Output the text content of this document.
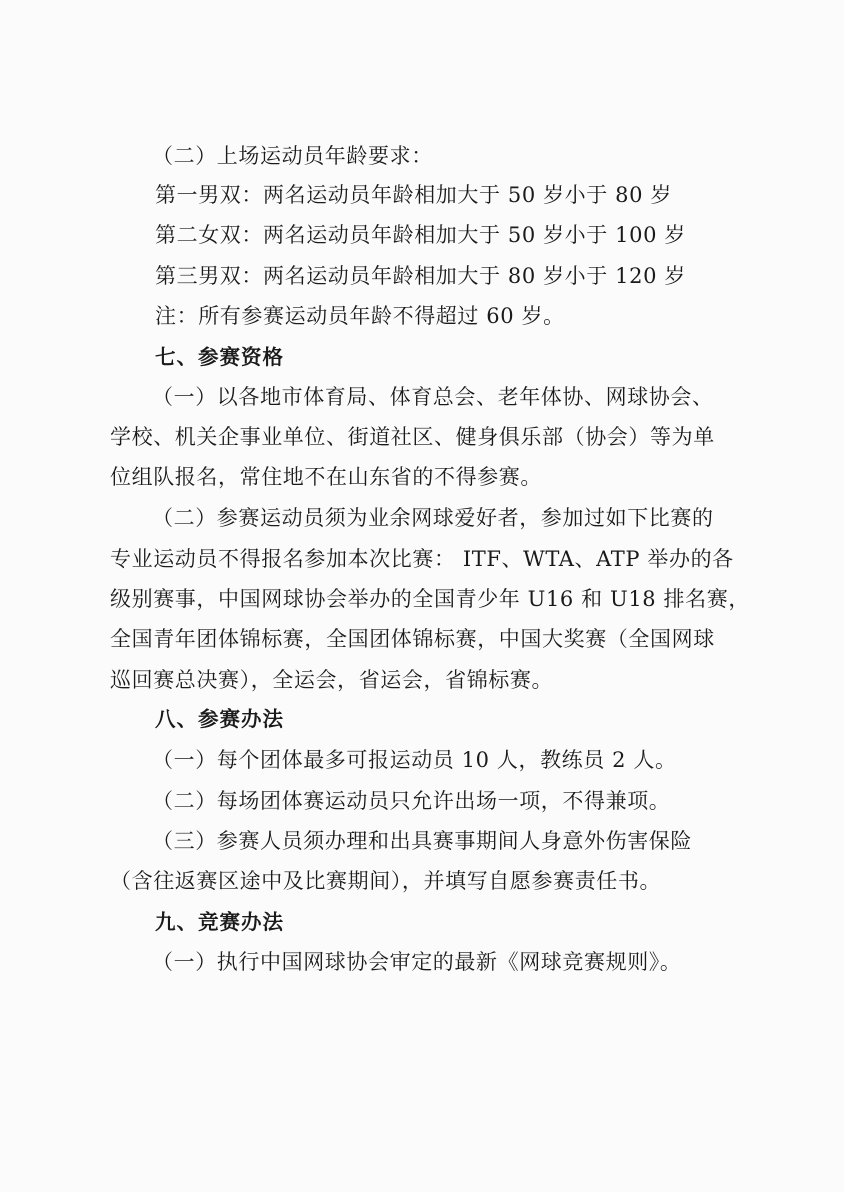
（二）上场运动员年龄要求：
第一男双：两名运动员年龄相加大于 50 岁小于 80 岁
第二女双：两名运动员年龄相加大于 50 岁小于 100 岁
第三男双：两名运动员年龄相加大于 80 岁小于 120 岁
注：所有参赛运动员年龄不得超过 60 岁。
七、参赛资格
（一）以各地市体育局、体育总会、老年体协、网球协会、
学校、机关企事业单位、街道社区、健身俱乐部（协会）等为单
位组队报名，常住地不在山东省的不得参赛。
（二）参赛运动员须为业余网球爱好者，参加过如下比赛的
专业运动员不得报名参加本次比赛： ITF、WTA、ATP 举办的各
级别赛事，中国网球协会举办的全国青少年 U16 和 U18 排名赛，
全国青年团体锦标赛，全国团体锦标赛，中国大奖赛（全国网球
巡回赛总决赛），全运会，省运会，省锦标赛。
八、参赛办法
（一）每个团体最多可报运动员 10 人，教练员 2 人。
（二）每场团体赛运动员只允许出场一项，不得兼项。
（三）参赛人员须办理和出具赛事期间人身意外伤害保险
（含往返赛区途中及比赛期间），并填写自愿参赛责任书。
九、竞赛办法
（一）执行中国网球协会审定的最新《网球竞赛规则》。
